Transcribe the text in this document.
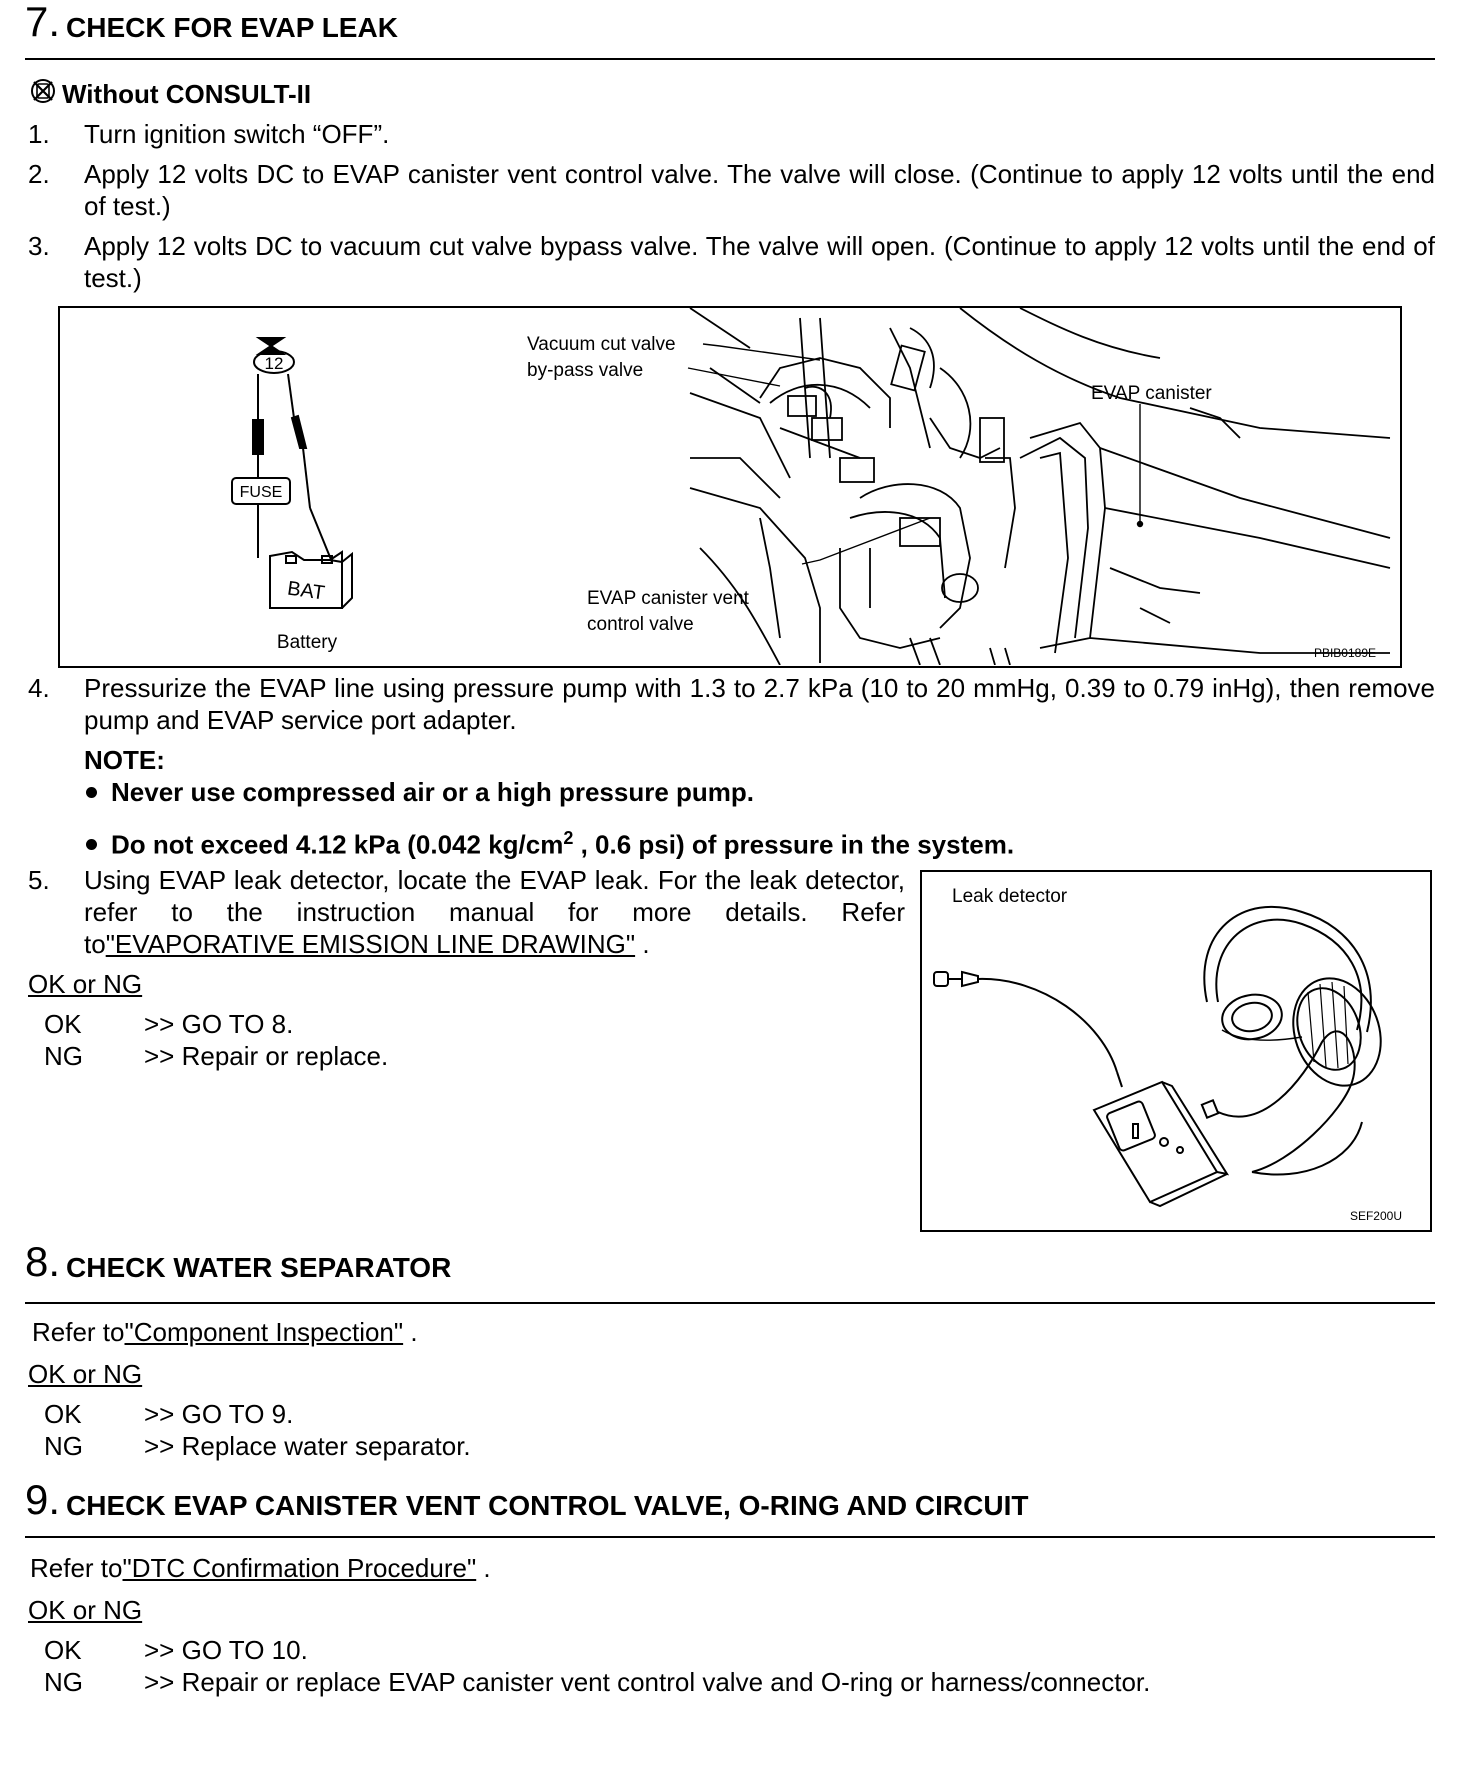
7. CHECK FOR EVAP LEAK
Without CONSULT-II
1. Turn ignition switch “OFF”.
2. Apply 12 volts DC to EVAP canister vent control valve. The valve will close. (Continue to apply 12 volts until the end of test.)
3. Apply 12 volts DC to vacuum cut valve bypass valve. The valve will open. (Continue to apply 12 volts until the end of test.)
12
FUSE
BAT
Battery
Vacuum cut valve
by-pass valve
EVAP canister
EVAP canister vent
control valve
PBIB0189E
4. Pressurize the EVAP line using pressure pump with 1.3 to 2.7 kPa (10 to 20 mmHg, 0.39 to 0.79 inHg), then remove pump and EVAP service port adapter.
NOTE:
Never use compressed air or a high pressure pump.
Do not exceed 4.12 kPa (0.042 $kg/cm^2$ , 0.6 psi) of pressure in the system.
5. Using EVAP leak detector, locate the EVAP leak. For the leak detector, refer to the instruction manual for more details. Refer to"EVAPORATIVE EMISSION LINE DRAWING" .
OK or NG
OK >> GO TO 8.
NG >> Repair or replace.
Leak detector
SEF200U
8. CHECK WATER SEPARATOR
Refer to"Component Inspection" .
OK or NG
OK >> GO TO 9.
NG >> Replace water separator.
9. CHECK EVAP CANISTER VENT CONTROL VALVE, O-RING AND CIRCUIT
Refer to"DTC Confirmation Procedure" .
OK or NG
OK >> GO TO 10.
NG >> Repair or replace EVAP canister vent control valve and O-ring or harness/connector.
